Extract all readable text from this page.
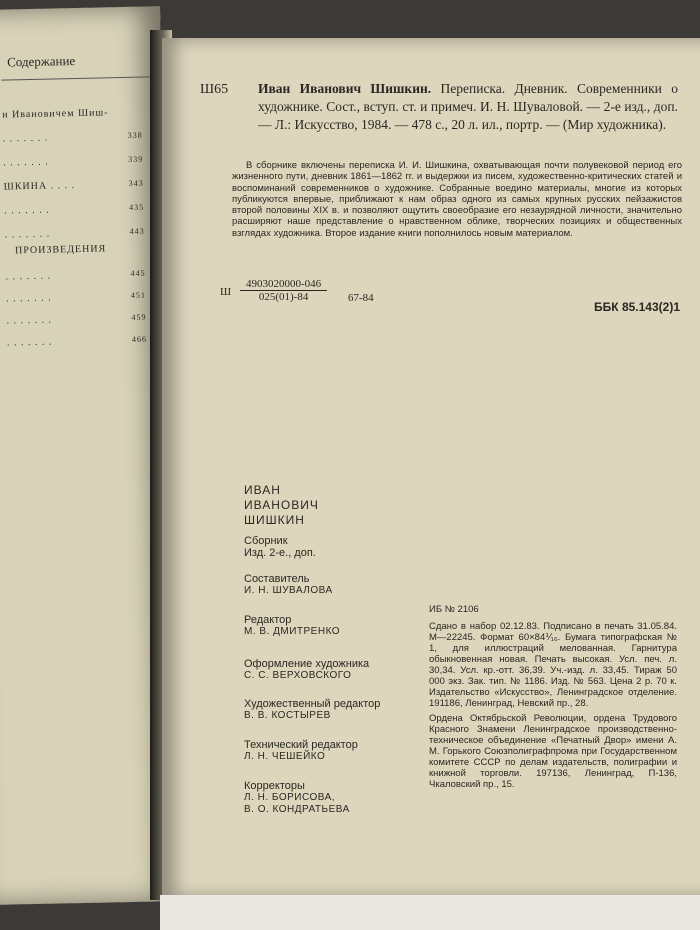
Содержание
и Ивановичем Шиш-
. . . . . . .	338
. . . . . . .	339
ШКИНА . . . .	343
. . . . . . .	435
. . . . . . .	443
ПРОИЗВЕДЕНИЯ
. . . . . . .	445
. . . . . . .	451
. . . . . . .	459
. . . . . . .	466
Ш65 Иван Иванович Шишкин. Переписка. Дневник. Современники о художнике. Сост., вступ. ст. и примеч. И. Н. Шуваловой. — 2-е изд., доп. — Л.: Искусство, 1984. — 478 с., 20 л. ил., портр. — (Мир художника).
В сборнике включены переписка И. И. Шишкина, охватывающая почти полувековой период его жизненного пути, дневник 1861—1862 гг. и выдержки из писем, художественно-критических статей и воспоминаний современников о художнике. Собранные воедино материалы, многие из которых публикуются впервые, приближают к нам образ одного из самых крупных русских пейзажистов второй половины XIX в. и позволяют ощутить своеобразие его незаурядной личности, значительно расширяют наше представление о нравственном облике, творческих позициях и общественных взглядах художника. Второе издание книги пополнилось новым материалом.
Ш $\frac{4903020000-046}{025(01)-84} 67-84$
ББК 85.143(2)1
ИВАН
ИВАНОВИЧ
ШИШКИН
Сборник
Изд. 2-е., доп.
Составитель
И. Н. ШУВАЛОВА
Редактор
М. В. ДМИТРЕНКО
Оформление художника
С. С. ВЕРХОВСКОГО
Художественный редактор
В. В. КОСТЫРЕВ
Технический редактор
Л. Н. ЧЕШЕЙКО
Корректоры
Л. Н. БОРИСОВА,
В. О. КОНДРАТЬЕВА
ИБ № 2106
Сдано в набор 02.12.83. Подписано в печать 31.05.84. М—22245. Формат 60×84⅟₁₆. Бумага типографская № 1, для иллюстраций мелованная. Гарнитура обыкновенная новая. Печать высокая. Усл. печ. л. 30,34. Усл. кр.-отт. 36,39. Уч.-изд. л. 33,45. Тираж 50 000 экз. Зак. тип. № 1186. Изд. № 563. Цена 2 р. 70 к. Издательство «Искусство», Ленинградское отделение. 191186, Ленинград, Невский пр., 28.
Ордена Октябрьской Революции, ордена Трудового Красного Знамени Ленинградское производственно-техническое объединение «Печатный Двор» имени А. М. Горького Союзполиграфпрома при Государственном комитете СССР по делам издательств, полиграфии и книжной торговли. 197136, Ленинград, П-136, Чкаловский пр., 15.
